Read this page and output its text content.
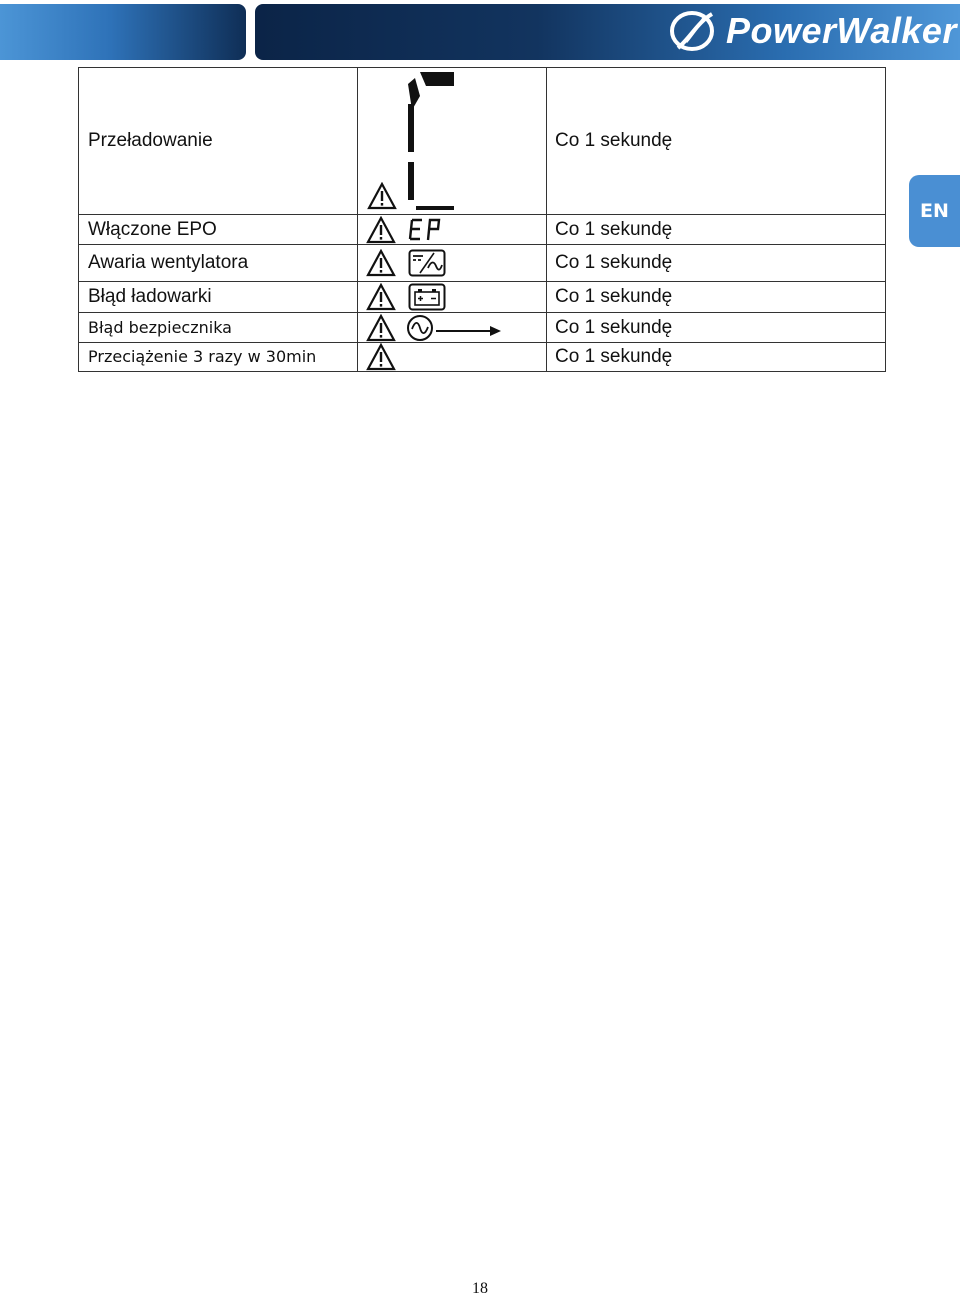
PowerWalker
EN
Przeładowanie		Co 1 sekundę
Włączone EPO		Co 1 sekundę
Awaria wentylatora		Co 1 sekundę
Błąd ładowarki		Co 1 sekundę
Błąd bezpiecznika		Co 1 sekundę
Przeciążenie 3 razy w 30min		Co 1 sekundę
18
